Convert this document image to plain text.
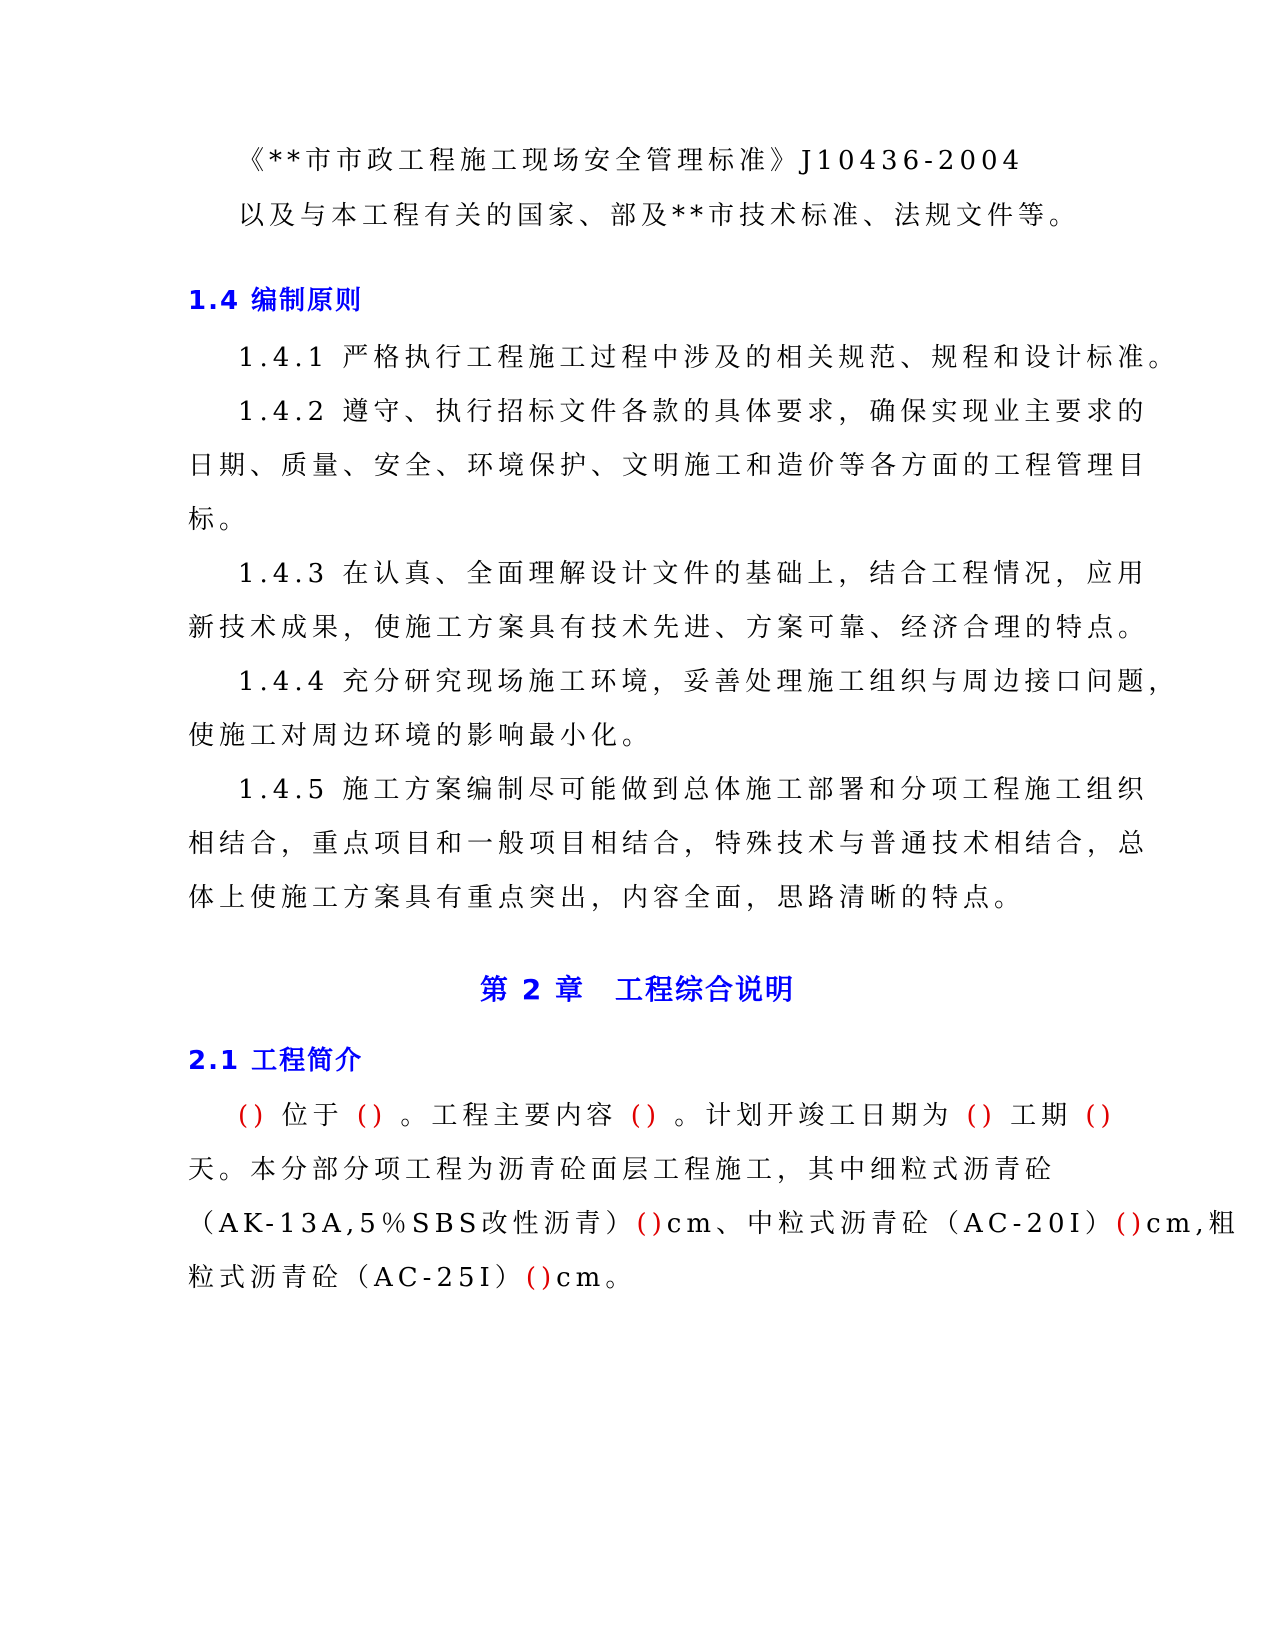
《**市市政工程施工现场安全管理标准》J10436-2004
以及与本工程有关的国家、部及**市技术标准、法规文件等。
1.4 编制原则
1.4.1 严格执行工程施工过程中涉及的相关规范、规程和设计标准。
1.4.2 遵守、执行招标文件各款的具体要求，确保实现业主要求的
日期、质量、安全、环境保护、文明施工和造价等各方面的工程管理目
标。
1.4.3 在认真、全面理解设计文件的基础上，结合工程情况，应用
新技术成果，使施工方案具有技术先进、方案可靠、经济合理的特点。
1.4.4 充分研究现场施工环境，妥善处理施工组织与周边接口问题，
使施工对周边环境的影响最小化。
1.4.5 施工方案编制尽可能做到总体施工部署和分项工程施工组织
相结合，重点项目和一般项目相结合，特殊技术与普通技术相结合，总
体上使施工方案具有重点突出，内容全面，思路清晰的特点。
第 2 章　工程综合说明
2.1 工程简介
() 位于 () 。工程主要内容 () 。计划开竣工日期为 () 工期 ()
天。本分部分项工程为沥青砼面层工程施工，其中细粒式沥青砼
（AK-13A,5％SBS改性沥青）()cm、中粒式沥青砼（AC-20I）()cm,粗
粒式沥青砼（AC-25I）()cm。
